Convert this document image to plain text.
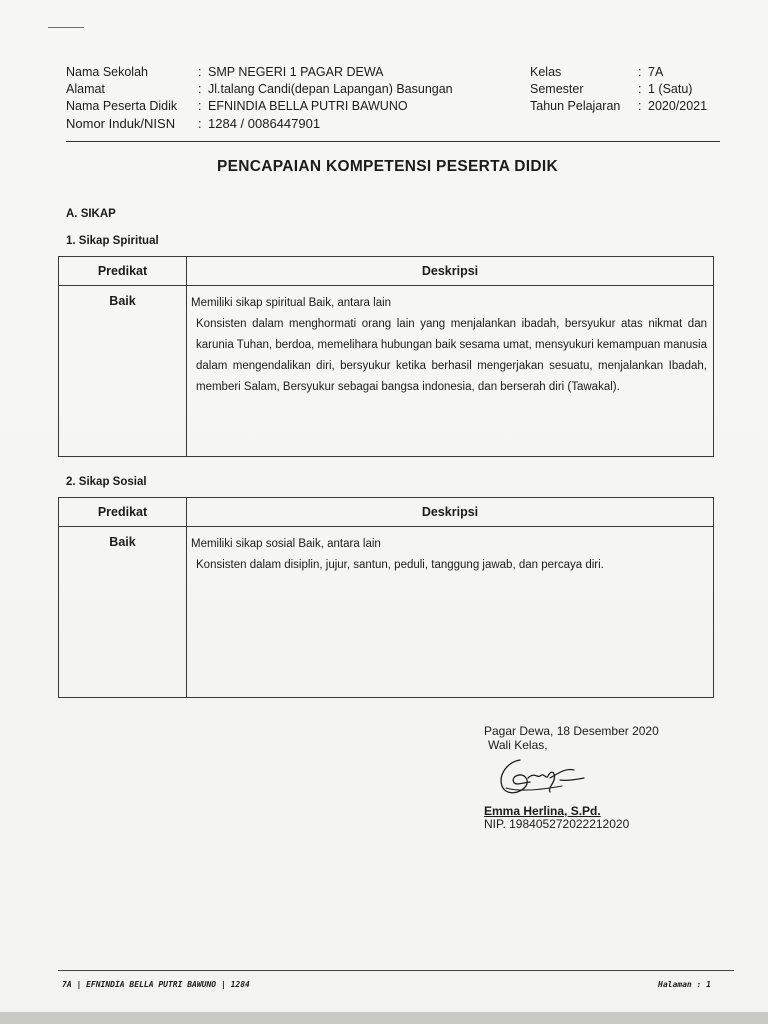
Nama Sekolah	: SMP NEGERI 1 PAGAR DEWA
Alamat	: Jl.talang Candi(depan Lapangan) Basungan
Nama Peserta Didik	: EFNINDIA BELLA PUTRI BAWUNO
Nomor Induk/NISN	: 1284 / 0086447901
Kelas	: 7A
Semester	: 1 (Satu)
Tahun Pelajaran	: 2020/2021
PENCAPAIAN KOMPETENSI PESERTA DIDIK
A. SIKAP
1. Sikap Spiritual
Predikat	Deskripsi
Baik	Memiliki sikap spiritual Baik, antara lain

Konsisten dalam menghormati orang lain yang menjalankan ibadah, bersyukur atas nikmat dan karunia Tuhan, berdoa, memelihara hubungan baik sesama umat, mensyukuri kemampuan manusia dalam mengendalikan diri, bersyukur ketika berhasil mengerjakan sesuatu, menjalankan Ibadah, memberi Salam, Bersyukur sebagai bangsa indonesia, dan berserah diri (Tawakal).

2. Sikap Sosial
Predikat	Deskripsi
Baik	Memiliki sikap sosial Baik, antara lain

Konsisten dalam disiplin, jujur, santun, peduli, tanggung jawab, dan percaya diri.

Pagar Dewa, 18 Desember 2020
Wali Kelas,
Emma Herlina, S.Pd.
NIP. 198405272022212020
7A | EFNINDIA BELLA PUTRI BAWUNO | 1284	Halaman : 1
